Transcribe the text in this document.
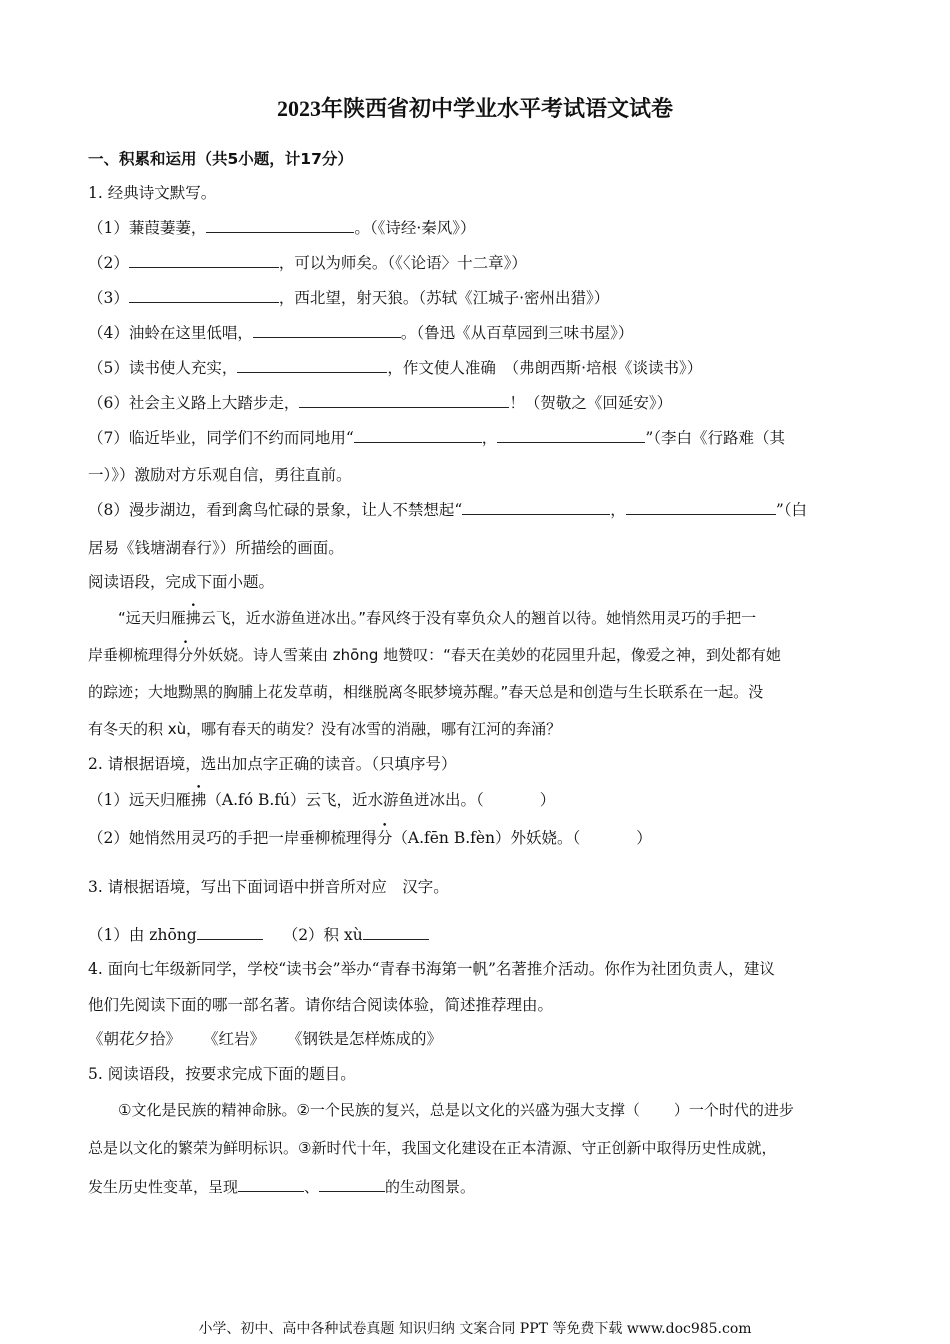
2023年陕西省初中学业水平考试语文试卷
一、积累和运用（共5小题，计17分）
1. 经典诗文默写。
（1）蒹葭萋萋，	。（《诗经·秦风》）
（2）	，可以为师矣。（《〈论语〉十二章》）
（3）	，西北望，射天狼。（苏轼《江城子·密州出猎》）
（4）油蛉在这里低唱，	。（鲁迅《从百草园到三味书屋》）
（5）读书使人充实，	，作文使人准确　（弗朗西斯·培根《谈读书》）
（6）社会主义路上大踏步走，	！（贺敬之《回延安》）
（7）临近毕业，同学们不约而同地用“	，	”（李白《行路难（其
一）》）激励对方乐观自信，勇往直前。
（8）漫步湖边，看到禽鸟忙碌的景象，让人不禁想起“	，	”（白
居易《钱塘湖春行》）所描绘的画面。
阅读语段，完成下面小题。
“远天归雁拂云飞，近水游鱼迸冰出。”春风终于没有辜负众人的翘首以待。她悄然用灵巧的手把一
岸垂柳梳理得分外妖娆。诗人雪莱由 zhōng 地赞叹：“春天在美妙的花园里升起，像爱之神，到处都有她
的踪迹；大地黝黑的胸脯上花发草萌，相继脱离冬眠梦境苏醒。”春天总是和创造与生长联系在一起。没
有冬天的积 xù，哪有春天的萌发？没有冰雪的消融，哪有江河的奔涌？
2. 请根据语境，选出加点字正确的读音。（只填序号）
（1）远天归雁拂（A.fó B.fú）云飞，近水游鱼迸冰出。（	）
（2）她悄然用灵巧的手把一岸垂柳梳理得分（A.fēn B.fèn）外妖娆。（	）
3. 请根据语境，写出下面词语中拼音所对应　汉字。
（1）由 zhōng	（2）积 xù
4. 面向七年级新同学，学校“读书会”举办“青春书海第一帆”名著推介活动。你作为社团负责人，建议
他们先阅读下面的哪一部名著。请你结合阅读体验，简述推荐理由。
《朝花夕拾》 《红岩》 《钢铁是怎样炼成的》
5. 阅读语段，按要求完成下面的题目。
①文化是民族的精神命脉。②一个民族的复兴，总是以文化的兴盛为强大支撑（ ）一个时代的进步
总是以文化的繁荣为鲜明标识。③新时代十年，我国文化建设在正本清源、守正创新中取得历史性成就，
发生历史性变革，呈现	、	的生动图景。
小学、初中、高中各种试卷真题 知识归纳 文案合同 PPT 等免费下载 www.doc985.com
